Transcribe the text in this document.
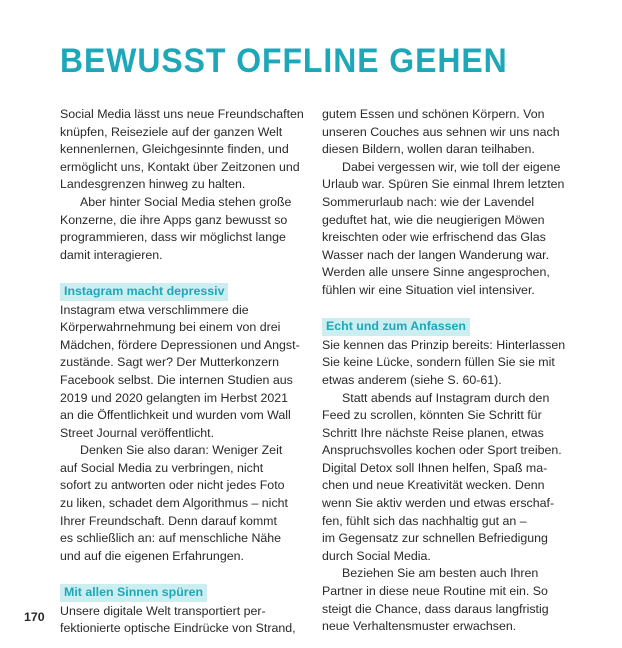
BEWUSST OFFLINE GEHEN
Social Media lässt uns neue Freundschaften
knüpfen, Reiseziele auf der ganzen Welt
kennenlernen, Gleichgesinnte finden, und
ermöglicht uns, Kontakt über Zeitzonen und
Landesgrenzen hinweg zu halten.
Aber hinter Social Media stehen große
Konzerne, die ihre Apps ganz bewusst so
programmieren, dass wir möglichst lange
damit interagieren.
Instagram macht depressiv
Instagram etwa verschlimmere die
Körperwahrnehmung bei einem von drei
Mädchen, fördere Depressionen und Angst-
zustände. Sagt wer? Der Mutterkonzern
Facebook selbst. Die internen Studien aus
2019 und 2020 gelangten im Herbst 2021
an die Öffentlichkeit und wurden vom Wall
Street Journal veröffentlicht.
Denken Sie also daran: Weniger Zeit
auf Social Media zu verbringen, nicht
sofort zu antworten oder nicht jedes Foto
zu liken, schadet dem Algorithmus – nicht
Ihrer Freundschaft. Denn darauf kommt
es schließlich an: auf menschliche Nähe
und auf die eigenen Erfahrungen.
Mit allen Sinnen spüren
Unsere digitale Welt transportiert per-
fektionierte optische Eindrücke von Strand,
gutem Essen und schönen Körpern. Von
unseren Couches aus sehnen wir uns nach
diesen Bildern, wollen daran teilhaben.
Dabei vergessen wir, wie toll der eigene
Urlaub war. Spüren Sie einmal Ihrem letzten
Sommerurlaub nach: wie der Lavendel
geduftet hat, wie die neugierigen Möwen
kreischten oder wie erfrischend das Glas
Wasser nach der langen Wanderung war.
Werden alle unsere Sinne angesprochen,
fühlen wir eine Situation viel intensiver.
Echt und zum Anfassen
Sie kennen das Prinzip bereits: Hinterlassen
Sie keine Lücke, sondern füllen Sie sie mit
etwas anderem (siehe S. 60-61).
Statt abends auf Instagram durch den
Feed zu scrollen, könnten Sie Schritt für
Schritt Ihre nächste Reise planen, etwas
Anspruchsvolles kochen oder Sport treiben.
Digital Detox soll Ihnen helfen, Spaß ma-
chen und neue Kreativität wecken. Denn
wenn Sie aktiv werden und etwas erschaf-
fen, fühlt sich das nachhaltig gut an –
im Gegensatz zur schnellen Befriedigung
durch Social Media.
Beziehen Sie am besten auch Ihren
Partner in diese neue Routine mit ein. So
steigt die Chance, dass daraus langfristig
neue Verhaltensmuster erwachsen.
170
